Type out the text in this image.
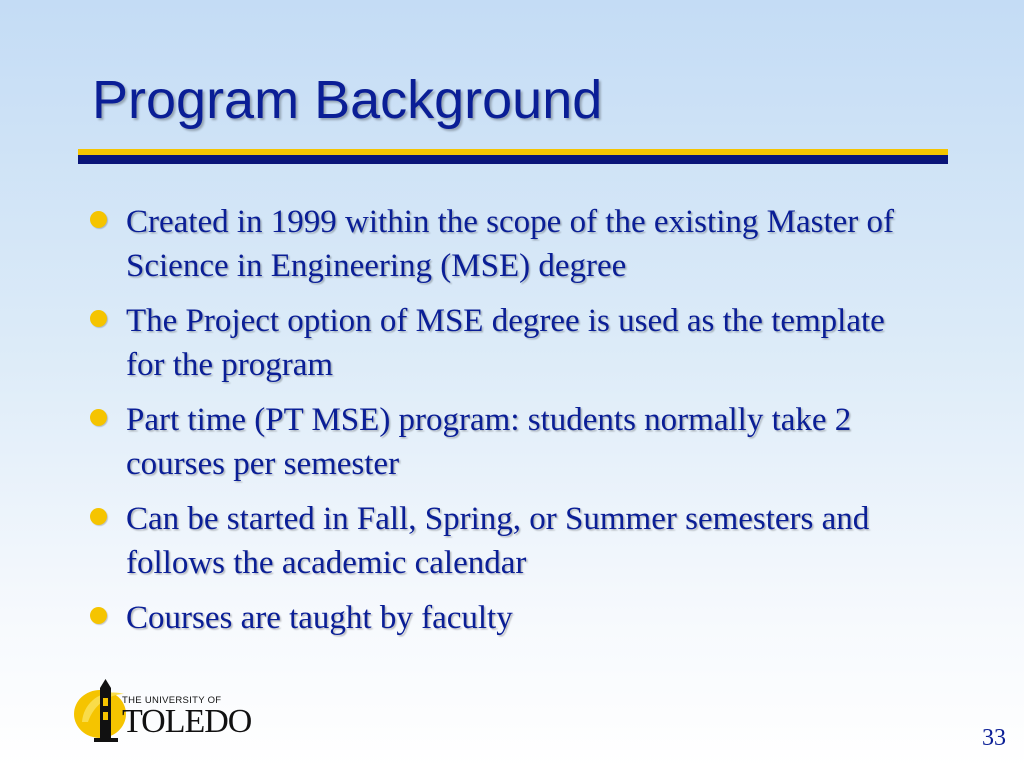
Program Background
Created in 1999 within the scope of the existing Master of Science in Engineering (MSE) degree
The Project option of MSE degree is used as the template for the program
Part time (PT MSE) program: students normally take 2 courses per semester
Can be started in Fall, Spring, or Summer semesters and follows the academic calendar
Courses are taught by faculty
THE UNIVERSITY OF
TOLEDO	33
